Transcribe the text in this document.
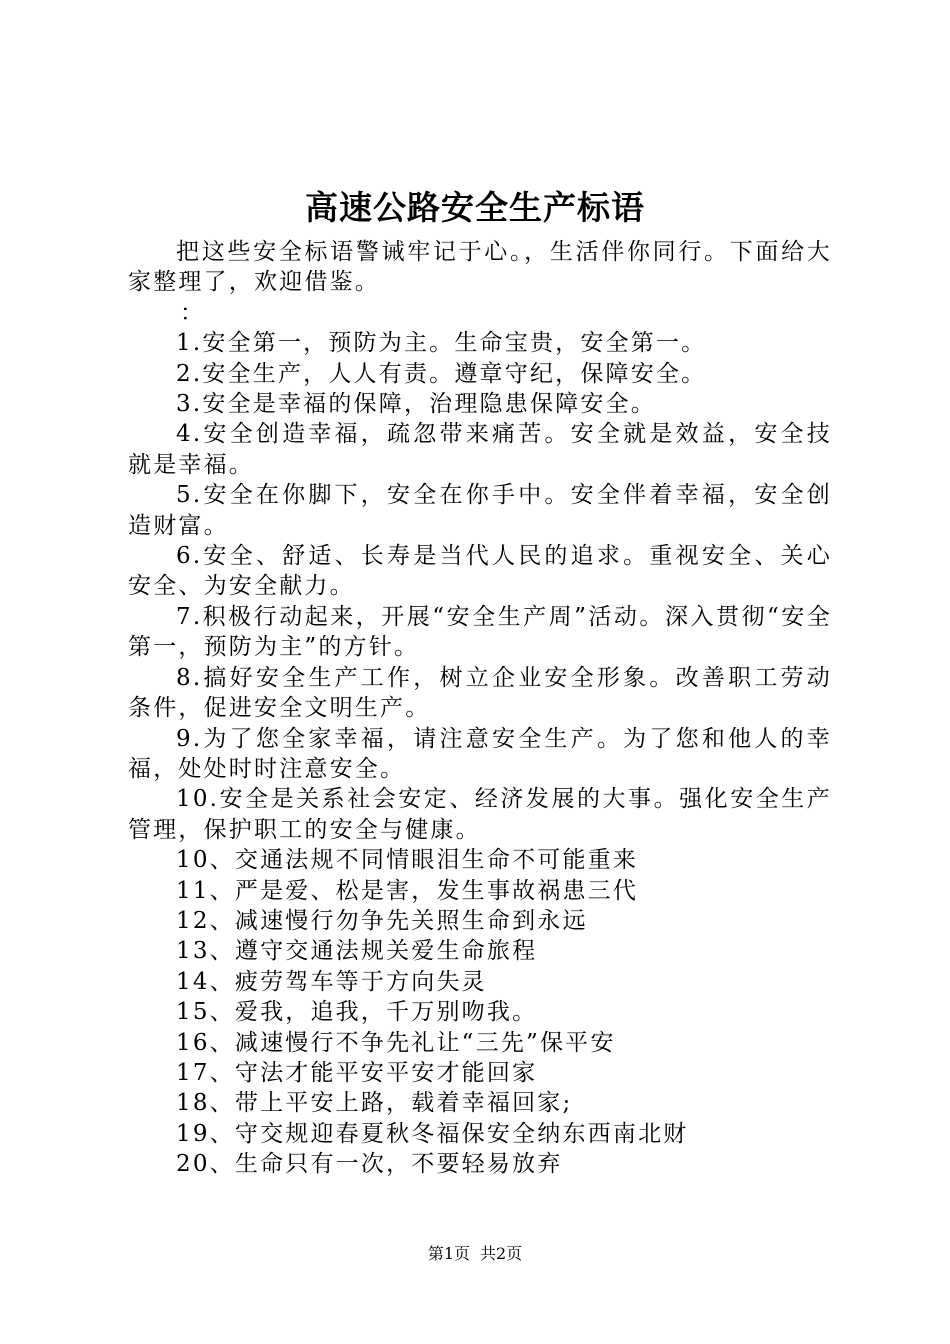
高速公路安全生产标语

把这些安全标语警诫牢记于心。，生活伴你同行。下面给大家整理了，欢迎借鉴。

：

1.安全第一，预防为主。生命宝贵，安全第一。

2.安全生产，人人有责。遵章守纪，保障安全。

3.安全是幸福的保障，治理隐患保障安全。

4.安全创造幸福，疏忽带来痛苦。安全就是效益，安全技就是幸福。

5.安全在你脚下，安全在你手中。安全伴着幸福，安全创造财富。

6.安全、舒适、长寿是当代人民的追求。重视安全、关心安全、为安全献力。

7.积极行动起来，开展“安全生产周”活动。深入贯彻“安全第一，预防为主”的方针。

8.搞好安全生产工作，树立企业安全形象。改善职工劳动条件，促进安全文明生产。

9.为了您全家幸福，请注意安全生产。为了您和他人的幸福，处处时时注意安全。

10.安全是关系社会安定、经济发展的大事。强化安全生产管理，保护职工的安全与健康。

10、交通法规不同情眼泪生命不可能重来

11、严是爱、松是害，发生事故祸患三代

12、减速慢行勿争先关照生命到永远

13、遵守交通法规关爱生命旅程

14、疲劳驾车等于方向失灵

15、爱我，追我，千万别吻我。

16、减速慢行不争先礼让“三先”保平安

17、守法才能平安平安才能回家

18、带上平安上路，载着幸福回家;

19、守交规迎春夏秋冬福保安全纳东西南北财

20、生命只有一次，不要轻易放弃

第1页 共2页
